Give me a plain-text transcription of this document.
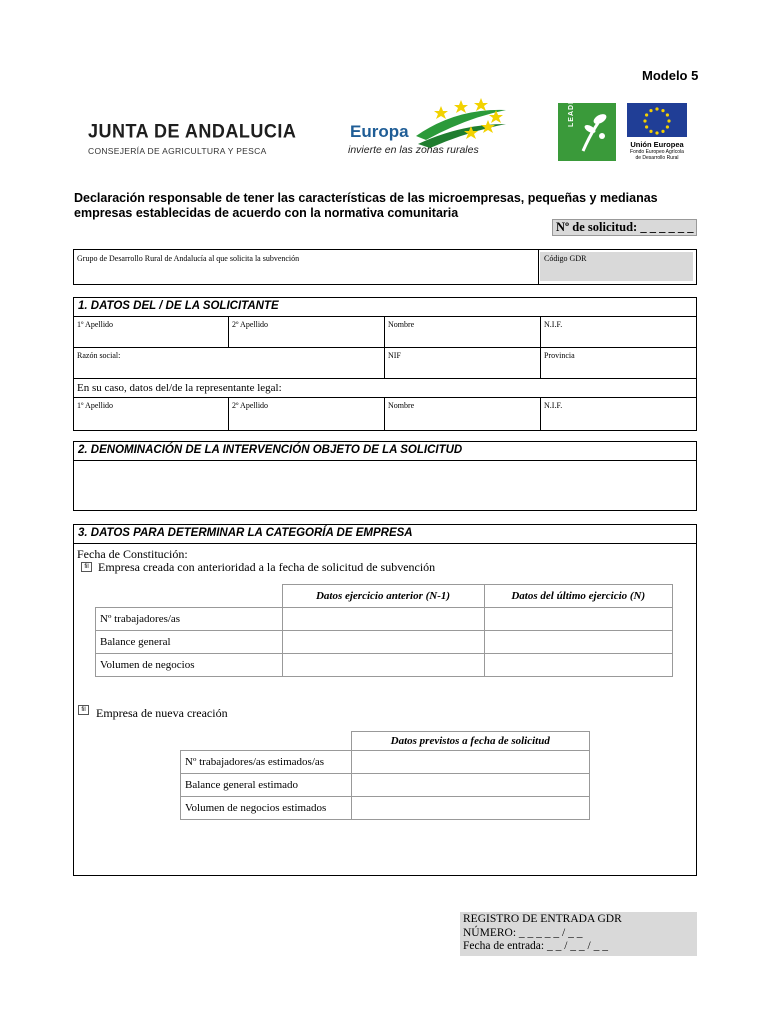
Modelo 5
JUNTA DE ANDALUCIA
CONSEJERÍA DE AGRICULTURA Y PESCA
Europa
invierte en las zonas rurales
LEADER
Unión Europea
Fondo Europeo Agrícola
de Desarrollo Rural
Declaración responsable de tener las características de las microempresas, pequeñas y medianas
empresas establecidas de acuerdo con la normativa comunitaria
Nº de solicitud: _ _ _ _ _ _
Grupo de Desarrollo Rural de Andalucía al que solicita la subvención	Código GDR
1. DATOS DEL / DE LA SOLICITANTE
1º Apellido	2º Apellido	Nombre	N.I.F.
Razón social:	NIF	Provincia
En su caso, datos del/de la representante legal:
1º Apellido	2º Apellido	Nombre	N.I.F.
2. DENOMINACIÓN DE LA INTERVENCIÓN OBJETO DE LA SOLICITUD
3. DATOS PARA DETERMINAR LA CATEGORÍA DE EMPRESA
Fecha de Constitución:
fil Empresa creada con anterioridad a la fecha de solicitud de subvención
	Datos ejercicio anterior (N-1)	Datos del último ejercicio (N)
Nº trabajadores/as		
Balance general		
Volumen de negocios		
fil Empresa de nueva creación
	Datos previstos a fecha de solicitud
Nº trabajadores/as estimados/as	
Balance general estimado	
Volumen de negocios estimados	
REGISTRO DE ENTRADA GDR
NÚMERO: _ _ _ _ _ / _ _
Fecha de entrada: _ _ / _ _ / _ _
